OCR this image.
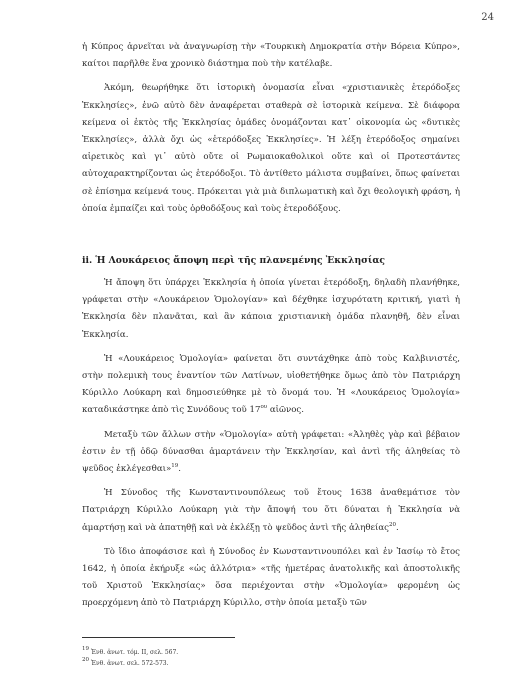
24

ἡ Κύπρος ἀρνεῖται νὰ ἀναγνωρίσῃ τὴν «Τουρκικὴ Δημοκρατία στὴν Βόρεια Κύπρο», καίτοι παρῆλθε ἕνα χρονικὸ διάστημα ποὺ τὴν κατέλαβε.

Ἀκόμη, θεωρήθηκε ὅτι ἱστορικὴ ὀνομασία εἶναι «χριστιανικὲς ἑτερόδοξες Ἐκκλησίες», ἐνῶ αὐτὸ δὲν ἀναφέρεται σταθερὰ σὲ ἱστορικὰ κείμενα. Σὲ διάφορα κείμενα οἱ ἐκτὸς τῆς Ἐκκλησίας ὁμάδες ὀνομάζονται κατ᾽ οἰκονομία ὡς «δυτικὲς Ἐκκλησίες», ἀλλὰ ὄχι ὡς «ἑτερόδοξες Ἐκκλησίες». Ἡ λέξη ἑτερόδοξος σημαίνει αἱρετικὸς καὶ γι᾽ αὐτὸ οὔτε οἱ Ρωμαιοκαθολικοὶ οὔτε καὶ οἱ Προτεστάντες αὐτοχαρακτηρίζονται ὡς ἑτερόδοξοι. Τὸ ἀντίθετο μάλιστα συμβαίνει, ὅπως φαίνεται σὲ ἐπίσημα κείμενά τους. Πρόκειται γιὰ μιὰ διπλωματικὴ καὶ ὄχι θεολογικὴ φράση, ἡ ὁποία ἐμπαίζει καὶ τοὺς ὀρθοδόξους καὶ τοὺς ἑτεροδόξους.

ii. Ἡ Λουκάρειος ἄποψη περὶ τῆς πλανεμένης Ἐκκλησίας

Ἡ ἄποψη ὅτι ὑπάρχει Ἐκκλησία ἡ ὁποία γίνεται ἑτερόδοξη, δηλαδὴ πλανήθηκε, γράφεται στὴν «Λουκάρειον Ὁμολογίαν» καὶ δέχθηκε ἰσχυρότατη κριτική, γιατὶ ἡ Ἐκκλησία δὲν πλανᾶται, καὶ ἂν κάποια χριστιανικὴ ὁμάδα πλανηθῆ, δὲν εἶναι Ἐκκλησία.

Ἡ «Λουκάρειος Ὁμολογία» φαίνεται ὅτι συντάχθηκε ἀπὸ τοὺς Καλβινιστές, στὴν πολεμικὴ τους ἐναντίον τῶν Λατίνων, υἱοθετήθηκε ὅμως ἀπὸ τὸν Πατριάρχη Κύριλλο Λούκαρη καὶ δημοσιεύθηκε μὲ τὸ ὄνομά του. Ἡ «Λουκάρειος Ὁμολογία» καταδικάστηκε ἀπὸ τὶς Συνόδους τοῦ $17^{o\upsilon}$ αἰῶνος.

Μεταξὺ τῶν ἄλλων στὴν «Ὁμολογία» αὐτὴ γράφεται: «Ἀληθὲς γὰρ καὶ βέβαιον ἐστιν ἐν τῇ ὁδῷ δύνασθαι ἁμαρτάνειν τὴν Ἐκκλησίαν, καὶ ἀντὶ τῆς ἀληθείας τὸ ψεῦδος ἐκλέγεσθαι»$^{19}$.

Ἡ Σύνοδος τῆς Κωνσταντινουπόλεως τοῦ ἔτους 1638 ἀναθεμάτισε τὸν Πατριάρχη Κύριλλο Λούκαρη γιὰ τὴν ἄποψή του ὅτι δύναται ἡ Ἐκκλησία νὰ ἁμαρτήσῃ καὶ νὰ ἀπατηθῇ καὶ νὰ ἐκλέξῃ τὸ ψεῦδος ἀντὶ τῆς ἀληθείας$^{20}$.

Τὸ ἴδιο ἀποφάσισε καὶ ἡ Σύνοδος ἐν Κωνσταντινουπόλει καὶ ἐν Ἰασίῳ τὸ ἔτος 1642, ἡ ὁποία ἐκήρυξε «ὡς ἀλλότρια» «τῆς ἡμετέρας ἀνατολικῆς καὶ ἀποστολικῆς τοῦ Χριστοῦ Ἐκκλησίας» ὅσα περιέχονται στὴν «Ὁμολογία» φερομένη ὡς προερχόμενη ἀπὸ τὸ Πατριάρχη Κύριλλο, στὴν ὁποία μεταξὺ τῶν

$^{19}$ Ἐνθ. ἀνωτ. τόμ. ΙΙ, σελ. 567.
$^{20}$ Ἐνθ. ἀνωτ. σελ. 572-573.
